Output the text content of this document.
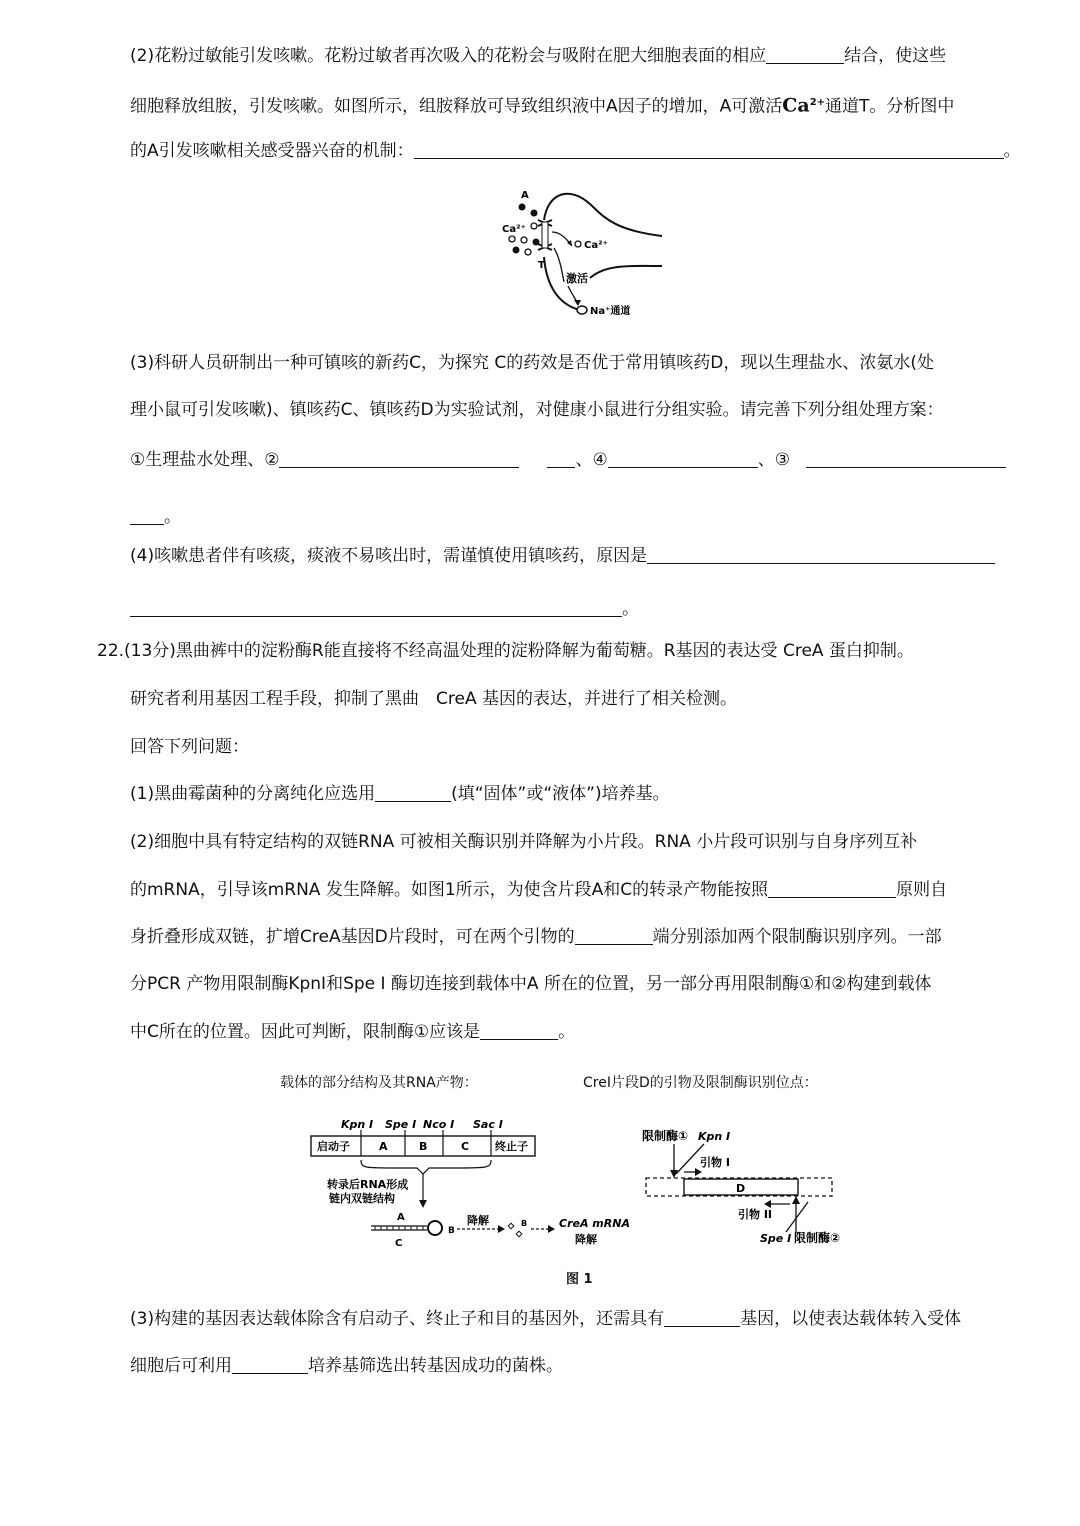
(2)花粉过敏能引发咳嗽。花粉过敏者再次吸入的花粉会与吸附在肥大细胞表面的相应	结合，使这些
细胞释放组胺，引发咳嗽。如图所示，组胺释放可导致组织液中A因子的增加，A可激活$Ca^{2+}$通道T。分析图中
的A引发咳嗽相关感受器兴奋的机制：	。
A
Ca²⁺
T
Ca²⁺
激活
Na⁺通道
(3)科研人员研制出一种可镇咳的新药C，为探究 C的药效是否优于常用镇咳药D，现以生理盐水、浓氨水(处
理小鼠可引发咳嗽)、镇咳药C、镇咳药D为实验试剂，对健康小鼠进行分组实验。请完善下列分组处理方案：
①生理盐水处理、②	、④	、③
。
(4)咳嗽患者伴有咳痰，痰液不易咳出时，需谨慎使用镇咳药，原因是
。
22.(13分)黑曲裤中的淀粉酶R能直接将不经高温处理的淀粉降解为葡萄糖。R基因的表达受 CreA 蛋白抑制。
研究者利用基因工程手段，抑制了黑曲　CreA 基因的表达，并进行了相关检测。
回答下列问题：
(1)黑曲霉菌种的分离纯化应选用	(填“固体”或“液体”)培养基。
(2)细胞中具有特定结构的双链RNA 可被相关酶识别并降解为小片段。RNA 小片段可识别与自身序列互补
的mRNA，引导该mRNA 发生降解。如图1所示，为使含片段A和C的转录产物能按照	原则自
身折叠形成双链，扩增CreA基因D片段时，可在两个引物的	端分别添加两个限制酶识别序列。一部
分PCR 产物用限制酶KpnI和Spe I 酶切连接到载体中A 所在的位置，另一部分再用限制酶①和②构建到载体
中C所在的位置。因此可判断，限制酶①应该是	。
载体的部分结构及其RNA产物：	CreI片段D的引物及限制酶识别位点：
Kpn I Spe I Nco I Sac I
启动子	A	B	C 终止子
转录后RNA形成
链内双链结构
A
C
B
降解	B	CreA mRNA
降解
限制酶① Kpn I
引物 I
D
引物 II
Spe I 限制酶②
图 1
(3)构建的基因表达载体除含有启动子、终止子和目的基因外，还需具有	基因，以使表达载体转入受体
细胞后可利用	培养基筛选出转基因成功的菌株。
